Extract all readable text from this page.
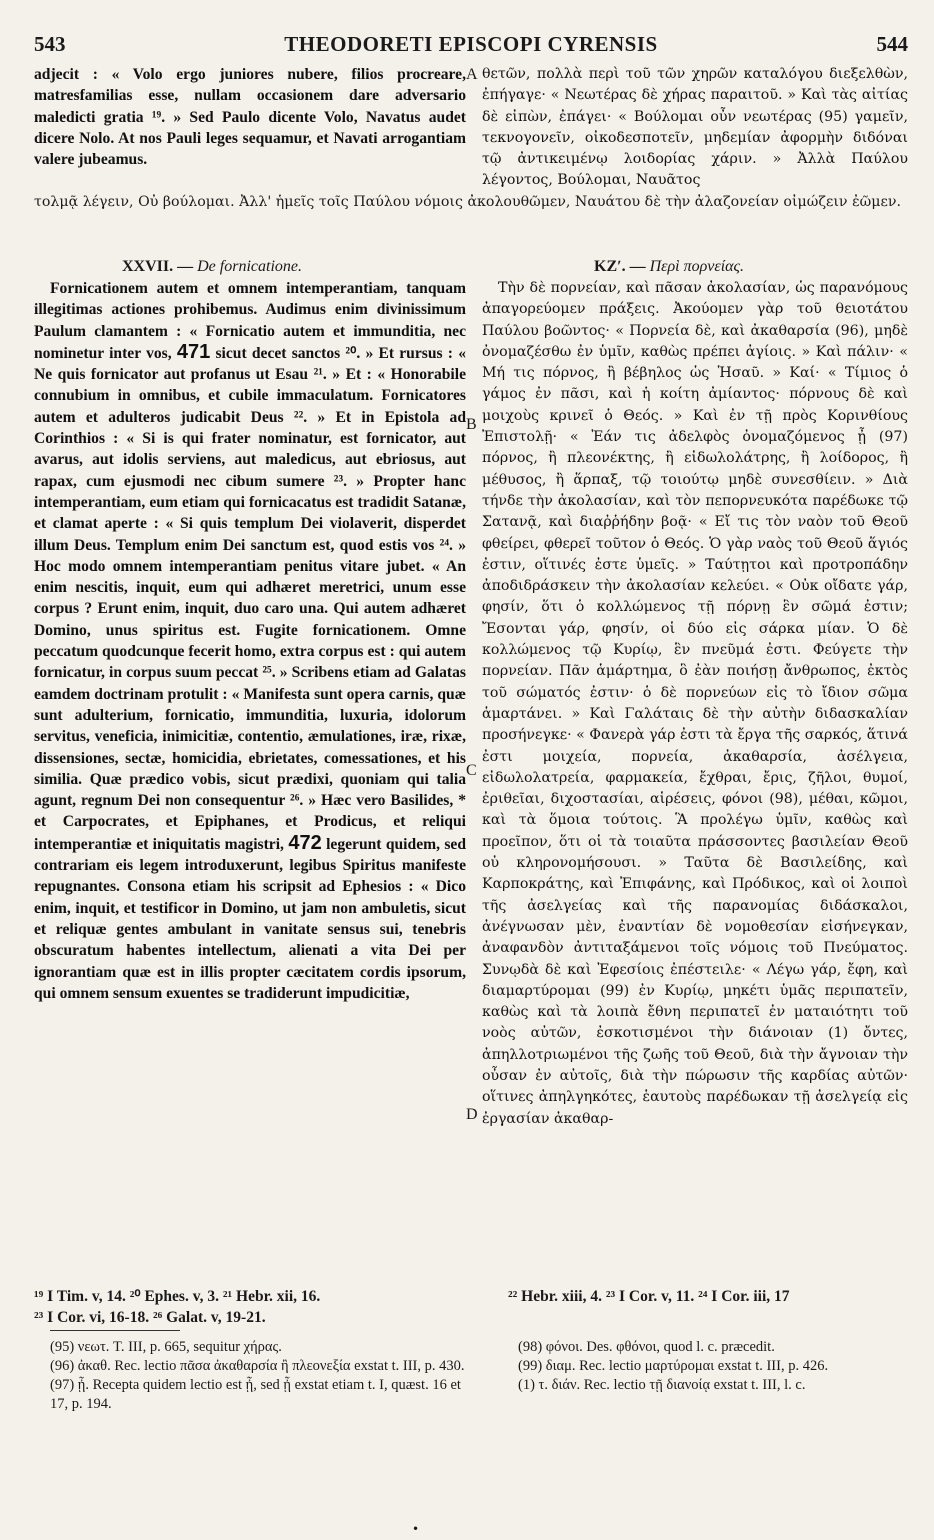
543	THEODORETI EPISCOPI CYRENSIS	544

adjecit : « Volo ergo juniores nubere, filios procreare, matresfamilias esse, nullam occasionem dare adversario maledicti gratia ¹⁹. » Sed Paulo dicente Volo, Navatus audet dicere Nolo. At nos Pauli leges sequamur, et Navati arrogantiam valere jubeamus.

Fornicationem autem et omnem intemperantiam, tanquam illegitimas actiones prohibemus. Audimus enim divinissimum Paulum clamantem : « Fornicatio autem et immunditia, nec nominetur inter vos, 471 sicut decet sanctos ²⁰. » Et rursus : « Ne quis fornicator aut profanus ut Esau ²¹. » Et : « Honorabile connubium in omnibus, et cubile immaculatum. Fornicatores autem et adulteros judicabit Deus ²². » Et in Epistola ad Corinthios : « Si is qui frater nominatur, est fornicator, aut avarus, aut idolis serviens, aut maledicus, aut ebriosus, aut rapax, cum ejusmodi nec cibum sumere ²³. » Propter hanc intemperantiam, eum etiam qui fornicacatus est tradidit Satanæ, et clamat aperte : « Si quis templum Dei violaverit, disperdet illum Deus. Templum enim Dei sanctum est, quod estis vos ²⁴. » Hoc modo omnem intemperantiam penitus vitare jubet. « An enim nescitis, inquit, eum qui adhæret meretrici, unum esse corpus ? Erunt enim, inquit, duo caro una. Qui autem adhæret Domino, unus spiritus est. Fugite fornicationem. Omne peccatum quodcunque fecerit homo, extra corpus est : qui autem fornicatur, in corpus suum peccat ²⁵. » Scribens etiam ad Galatas eamdem doctrinam protulit : « Manifesta sunt opera carnis, quæ sunt adulterium, fornicatio, immunditia, luxuria, idolorum servitus, veneficia, inimicitiæ, contentio, æmulationes, iræ, rixæ, dissensiones, sectæ, homicidia, ebrietates, comessationes, et his similia. Quæ prædico vobis, sicut prædixi, quoniam qui talia agunt, regnum Dei non consequentur ²⁶. » Hæc vero Basilides, * et Carpocrates, et Epiphanes, et Prodicus, et reliqui intemperantiæ et iniquitatis magistri, 472 legerunt quidem, sed contrariam eis legem introduxerunt, legibus Spiritus manifeste repugnantes. Consona etiam his scripsit ad Ephesios : « Dico enim, inquit, et testificor in Domino, ut jam non ambuletis, sicut et reliquæ gentes ambulant in vanitate sensus sui, tenebris obscuratum habentes intellectum, alienati a vita Dei per ignorantiam quæ est in illis propter cæcitatem cordis ipsorum, qui omnem sensum exuentes se tradiderunt impudicitiæ,

θετῶν, πολλὰ περὶ τοῦ τῶν χηρῶν καταλόγου διεξελθὼν, ἐπήγαγε· « Νεωτέρας δὲ χήρας παραιτοῦ. » Καὶ τὰς αἰτίας δὲ εἰπὼν, ἐπάγει· « Βούλομαι οὖν νεωτέρας (95) γαμεῖν, τεκνογονεῖν, οἰκοδεσποτεῖν, μηδεμίαν ἀφορμὴν διδόναι τῷ ἀντικειμένῳ λοιδορίας χάριν. » Ἀλλὰ Παύλου λέγοντος, Βούλομαι, Ναυᾶτος

Τὴν δὲ πορνείαν, καὶ πᾶσαν ἀκολασίαν, ὡς παρανόμους ἀπαγορεύομεν πράξεις. Ἀκούομεν γὰρ τοῦ θειοτάτου Παύλου βοῶντος· « Πορνεία δὲ, καὶ ἀκαθαρσία (96), μηδὲ ὀνομαζέσθω ἐν ὑμῖν, καθὼς πρέπει ἁγίοις. » Καὶ πάλιν· « Μή τις πόρνος, ἢ βέβηλος ὡς Ἡσαῦ. » Καί· « Τίμιος ὁ γάμος ἐν πᾶσι, καὶ ἡ κοίτη ἀμίαντος· πόρνους δὲ καὶ μοιχοὺς κρινεῖ ὁ Θεός. » Καὶ ἐν τῇ πρὸς Κορινθίους Ἐπιστολῇ· « Ἐάν τις ἀδελφὸς ὀνομαζόμενος ᾖ (97) πόρνος, ἢ πλεονέκτης, ἢ εἰδωλολάτρης, ἢ λοίδορος, ἢ μέθυσος, ἢ ἅρπαξ, τῷ τοιούτῳ μηδὲ συνεσθίειν. » Διὰ τήνδε τὴν ἀκολασίαν, καὶ τὸν πεπορνευκότα παρέδωκε τῷ Σατανᾷ, καὶ διαῤῥήδην βοᾷ· « Εἴ τις τὸν ναὸν τοῦ Θεοῦ φθείρει, φθερεῖ τοῦτον ὁ Θεός. Ὁ γὰρ ναὸς τοῦ Θεοῦ ἅγιός ἐστιν, οἵτινές ἐστε ὑμεῖς. » Ταύτῃτοι καὶ προτροπάδην ἀποδιδράσκειν τὴν ἀκολασίαν κελεύει. « Οὐκ οἴδατε γάρ, φησίν, ὅτι ὁ κολλώμενος τῇ πόρνῃ ἓν σῶμά ἐστιν; Ἔσονται γάρ, φησίν, οἱ δύο εἰς σάρκα μίαν. Ὁ δὲ κολλώμενος τῷ Κυρίῳ, ἓν πνεῦμά ἐστι. Φεύγετε τὴν πορνείαν. Πᾶν ἁμάρτημα, ὃ ἐὰν ποιήσῃ ἄνθρωπος, ἐκτὸς τοῦ σώματός ἐστιν· ὁ δὲ πορνεύων εἰς τὸ ἴδιον σῶμα ἁμαρτάνει. » Καὶ Γαλάταις δὲ τὴν αὐτὴν διδασκαλίαν προσήνεγκε· « Φανερὰ γάρ ἐστι τὰ ἔργα τῆς σαρκός, ἅτινά ἐστι μοιχεία, πορνεία, ἀκαθαρσία, ἀσέλγεια, εἰδωλολατρεία, φαρμακεία, ἔχθραι, ἔρις, ζῆλοι, θυμοί, ἐριθεῖαι, διχοστασίαι, αἱρέσεις, φόνοι (98), μέθαι, κῶμοι, καὶ τὰ ὅμοια τούτοις. Ἃ προλέγω ὑμῖν, καθὼς καὶ προεῖπον, ὅτι οἱ τὰ τοιαῦτα πράσσοντες βασιλείαν Θεοῦ οὐ κληρονομήσουσι. » Ταῦτα δὲ Βασιλείδης, καὶ Καρποκράτης, καὶ Ἐπιφάνης, καὶ Πρόδικος, καὶ οἱ λοιποὶ τῆς ἀσελγείας καὶ τῆς παρανομίας διδάσκαλοι, ἀνέγνωσαν μὲν, ἐναντίαν δὲ νομοθεσίαν εἰσήνεγκαν, ἀναφανδὸν ἀντιταξάμενοι τοῖς νόμοις τοῦ Πνεύματος. Συνῳδὰ δὲ καὶ Ἐφεσίοις ἐπέστειλε· « Λέγω γάρ, ἔφη, καὶ διαμαρτύρομαι (99) ἐν Κυρίῳ, μηκέτι ὑμᾶς περιπατεῖν, καθὼς καὶ τὰ λοιπὰ ἔθνη περιπατεῖ ἐν ματαιότητι τοῦ νοὸς αὐτῶν, ἐσκοτισμένοι τὴν διάνοιαν (1) ὄντες, ἀπηλλοτριωμένοι τῆς ζωῆς τοῦ Θεοῦ, διὰ τὴν ἄγνοιαν τὴν οὖσαν ἐν αὐτοῖς, διὰ τὴν πώρωσιν τῆς καρδίας αὐτῶν· οἵτινες ἀπηλγηκότες, ἑαυτοὺς παρέδωκαν τῇ ἀσελγείᾳ εἰς ἐργασίαν ἀκαθαρ-

τολμᾷ λέγειν, Οὐ βούλομαι. Ἀλλ' ἡμεῖς τοῖς Παύλου νόμοις ἀκολουθῶμεν, Ναυάτου δὲ τὴν ἀλαζονείαν οἰμώζειν ἐῶμεν.
XXVII. — De fornicatione.	ΚΖʹ. — Περὶ πορνείας.
A
B
C
D
¹⁹ I Tim. v, 14. ²⁰ Ephes. v, 3. ²¹ Hebr. xii, 16.
²³ I Cor. vi, 16-18. ²⁶ Galat. v, 19-21.
²² Hebr. xiii, 4. ²³ I Cor. v, 11. ²⁴ I Cor. iii, 17
(95) νεωτ. T. III, p. 665, sequitur χήρας.
(96) ἀκαθ. Rec. lectio πᾶσα ἀκαθαρσία ἢ πλεονεξία exstat t. III, p. 430.
(97) ᾖ. Recepta quidem lectio est ᾖ, sed ᾖ exstat etiam t. I, quæst. 16 et 17, p. 194.
(98) φόνοι. Des. φθόνοι, quod l. c. præcedit.
(99) διαμ. Rec. lectio μαρτύρομαι exstat t. III, p. 426.
(1) τ. διάν. Rec. lectio τῇ διανοίᾳ exstat t. III, l. c.
•
